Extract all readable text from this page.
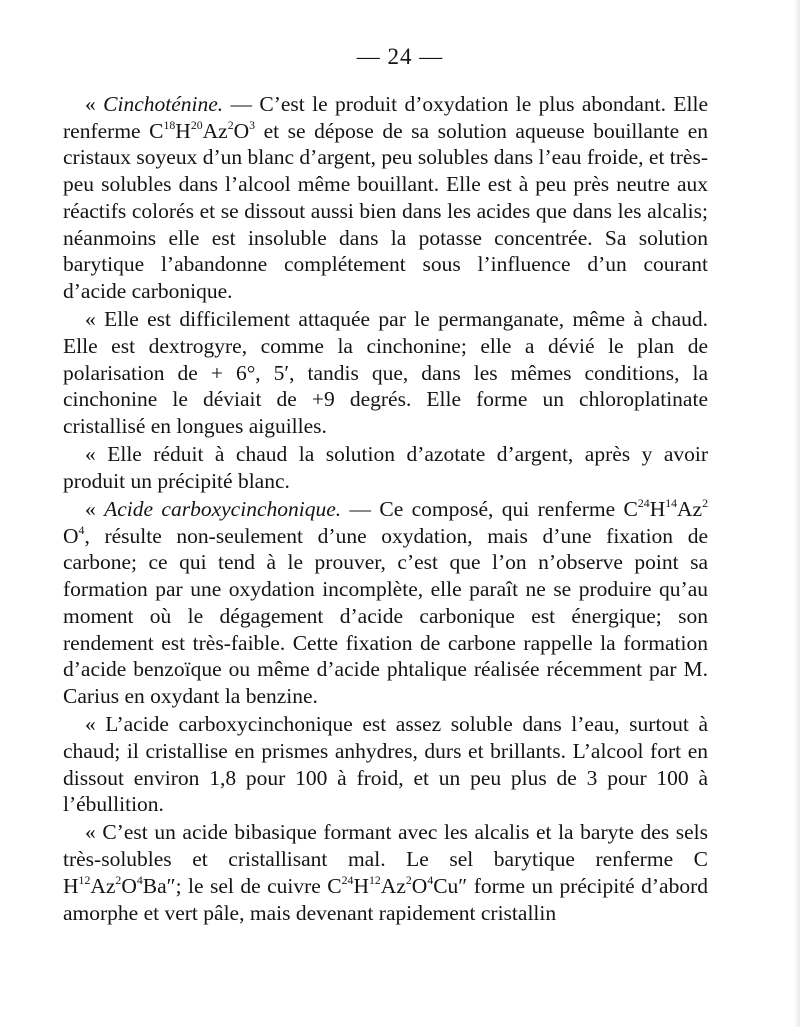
— 24 —

« Cinchoténine. — C’est le produit d’oxydation le plus abondant. Elle renferme $C^{18}H^{20}Az^2O^3$ et se dépose de sa solution aqueuse bouillante en cristaux soyeux d’un blanc d’argent, peu solubles dans l’eau froide, et très-peu solubles dans l’alcool même bouillant. Elle est à peu près neutre aux réactifs colorés et se dissout aussi bien dans les acides que dans les alcalis; néanmoins elle est insoluble dans la potasse concentrée. Sa solution barytique l’abandonne complétement sous l’influence d’un courant d’acide carbonique.

« Elle est difficilement attaquée par le permanganate, même à chaud. Elle est dextrogyre, comme la cinchonine; elle a dévié le plan de polarisation de + 6°, 5′, tandis que, dans les mêmes conditions, la cinchonine le déviait de +9 degrés. Elle forme un chloroplatinate cristallisé en longues aiguilles.

« Elle réduit à chaud la solution d’azotate d’argent, après y avoir produit un précipité blanc.

« Acide carboxycinchonique. — Ce composé, qui renferme $C^{24}H^{14}Az^2$ $O^4$, résulte non-seulement d’une oxydation, mais d’une fixation de carbone; ce qui tend à le prouver, c’est que l’on n’observe point sa formation par une oxydation incomplète, elle paraît ne se produire qu’au moment où le dégagement d’acide carbonique est énergique; son rendement est très-faible. Cette fixation de carbone rappelle la formation d’acide benzoïque ou même d’acide phtalique réalisée récemment par M. Carius en oxydant la benzine.

« L’acide carboxycinchonique est assez soluble dans l’eau, surtout à chaud; il cristallise en prismes anhydres, durs et brillants. L’alcool fort en dissout environ 1,8 pour 100 à froid, et un peu plus de 3 pour 100 à l’ébullition.

« C’est un acide bibasique formant avec les alcalis et la baryte des sels très-solubles et cristallisant mal. Le sel barytique renferme C $H^{12}Az^2O^4Ba''$; le sel de cuivre $C^{24}H^{12}Az^2O^4Cu''$ forme un précipité d’abord amorphe et vert pâle, mais devenant rapidement cristallin
